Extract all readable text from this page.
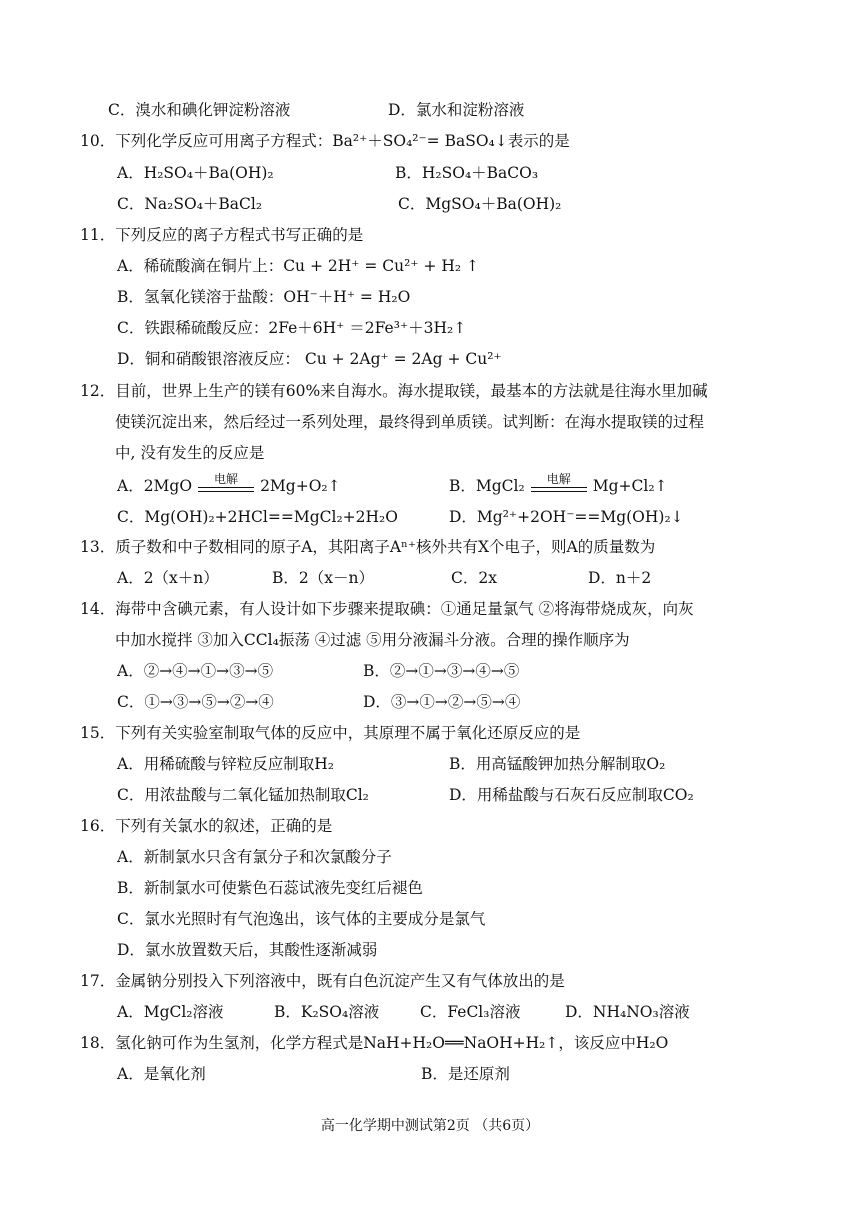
C．溴水和碘化钾淀粉溶液	D．氯水和淀粉溶液
10．下列化学反应可用离子方程式：Ba²⁺＋SO₄²⁻= BaSO₄↓表示的是
A．H₂SO₄＋Ba(OH)₂	B．H₂SO₄＋BaCO₃
C．Na₂SO₄＋BaCl₂	C．MgSO₄＋Ba(OH)₂
11．下列反应的离子方程式书写正确的是
A．稀硫酸滴在铜片上：Cu + 2H⁺ = Cu²⁺ + H₂ ↑
B．氢氧化镁溶于盐酸：OH⁻＋H⁺ = H₂O
C．铁跟稀硫酸反应：2Fe＋6H⁺ ＝2Fe³⁺＋3H₂↑
D．铜和硝酸银溶液反应： Cu + 2Ag⁺ = 2Ag + Cu²⁺
12．目前，世界上生产的镁有60%来自海水。海水提取镁，最基本的方法就是往海水里加碱
使镁沉淀出来，然后经过一系列处理，最终得到单质镁。试判断：在海水提取镁的过程
中, 没有发生的反应是
A．2MgO	电解	2Mg+O₂↑	B．MgCl₂	电解	Mg+Cl₂↑
C．Mg(OH)₂+2HCl==MgCl₂+2H₂O	D．Mg²⁺+2OH⁻==Mg(OH)₂↓
13．质子数和中子数相同的原子A，其阳离子Aⁿ⁺核外共有X个电子，则A的质量数为
A．2（x＋n）	B．2（x－n）	C．2x	D．n＋2
14．海带中含碘元素，有人设计如下步骤来提取碘：①通足量氯气 ②将海带烧成灰，向灰
中加水搅拌 ③加入CCl₄振荡 ④过滤 ⑤用分液漏斗分液。合理的操作顺序为
A．②→④→①→③→⑤	B．②→①→③→④→⑤
C．①→③→⑤→②→④	D．③→①→②→⑤→④
15．下列有关实验室制取气体的反应中，其原理不属于氧化还原反应的是
A．用稀硫酸与锌粒反应制取H₂	B．用高锰酸钾加热分解制取O₂
C．用浓盐酸与二氧化锰加热制取Cl₂	D．用稀盐酸与石灰石反应制取CO₂
16．下列有关氯水的叙述，正确的是
A．新制氯水只含有氯分子和次氯酸分子
B．新制氯水可使紫色石蕊试液先变红后褪色
C．氯水光照时有气泡逸出，该气体的主要成分是氯气
D．氯水放置数天后，其酸性逐渐减弱
17．金属钠分别投入下列溶液中，既有白色沉淀产生又有气体放出的是
A．MgCl₂溶液	B．K₂SO₄溶液	C．FeCl₃溶液	D．NH₄NO₃溶液
18．氢化钠可作为生氢剂，化学方程式是NaH+H₂O══NaOH+H₂↑，该反应中H₂O
A．是氧化剂	B．是还原剂
高一化学期中测试第2页 （共6页）
